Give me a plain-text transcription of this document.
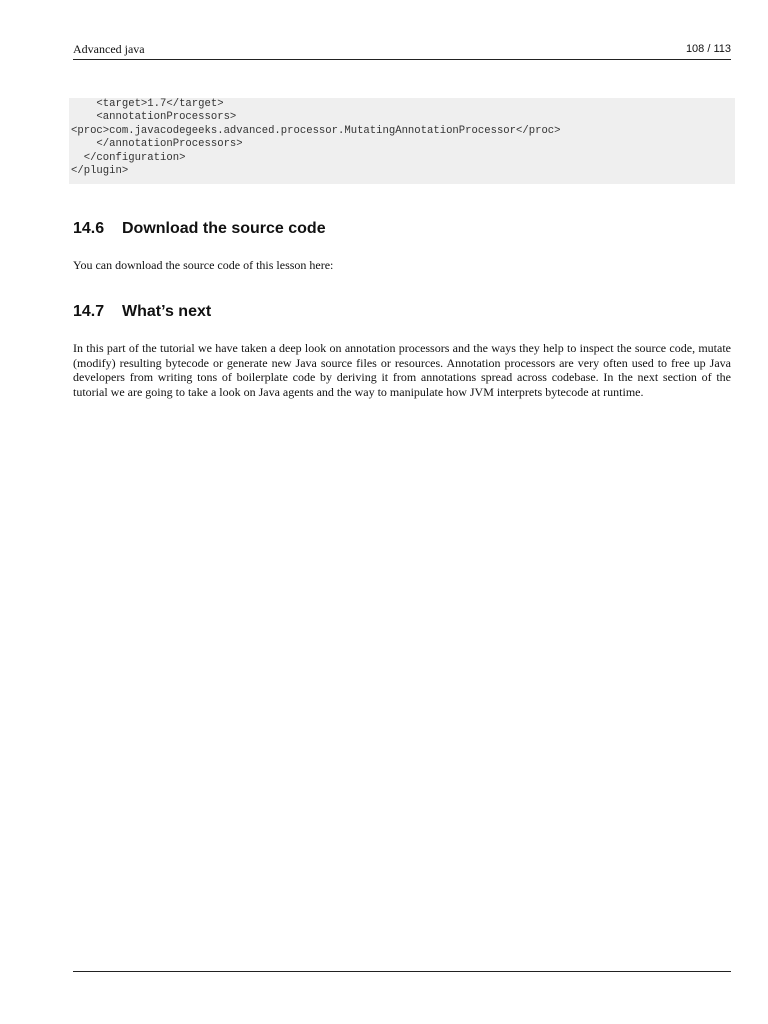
Advanced java	108 / 113
<target>1.7</target>
<annotationProcessors>
<proc>com.javacodegeeks.advanced.processor.MutatingAnnotationProcessor</proc>
</annotationProcessors>
</configuration>
</plugin>
14.6 Download the source code

You can download the source code of this lesson here:

14.7 What’s next

In this part of the tutorial we have taken a deep look on annotation processors and the ways they help to inspect the source code, mutate (modify) resulting bytecode or generate new Java source files or resources. Annotation processors are very often used to free up Java developers from writing tons of boilerplate code by deriving it from annotations spread across codebase. In the next section of the tutorial we are going to take a look on Java agents and the way to manipulate how JVM interprets bytecode at runtime.
